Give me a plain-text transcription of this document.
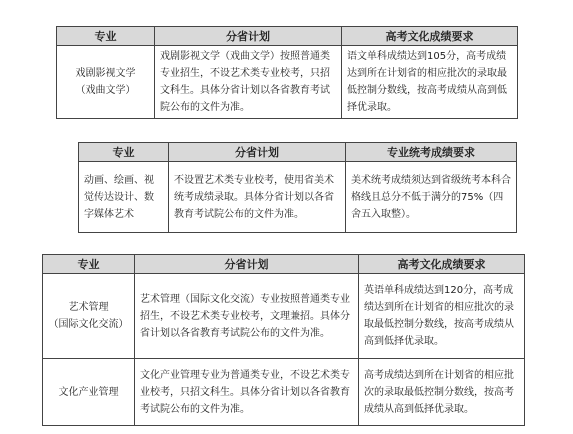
专业	分省计划	高考文化成绩要求

戏剧影视文学
（戏曲文学）	戏剧影视文学（戏曲文学）按照普通类专业招生，不设艺术类专业校考，只招文科生。具体分省计划以各省教育考试院公布的文件为准。	语文单科成绩达到105分，高考成绩达到所在计划省的相应批次的录取最低控制分数线，按高考成绩从高到低择优录取。
专业	分省计划	专业统考成绩要求
动画、绘画、视觉传达设计、数字媒体艺术	不设置艺术类专业校考，使用省美术统考成绩录取。具体分省计划以各省教育考试院公布的文件为准。	美术统考成绩须达到省级统考本科合格线且总分不低于满分的75%（四舍五入取整）。
专业	分省计划	高考文化成绩要求

艺术管理
（国际文化交流）	艺术管理（国际文化交流）专业按照普通类专业招生，不设艺术类专业校考，文理兼招。具体分省计划以各省教育考试院公布的文件为准。	英语单科成绩达到120分，高考成绩达到所在计划省的相应批次的录取最低控制分数线，按高考成绩从高到低择优录取。
文化产业管理	文化产业管理专业为普通类专业，不设艺术类专业校考，只招文科生。具体分省计划以各省教育考试院公布的文件为准。	高考成绩达到所在计划省的相应批次的录取最低控制分数线，按高考成绩从高到低择优录取。
